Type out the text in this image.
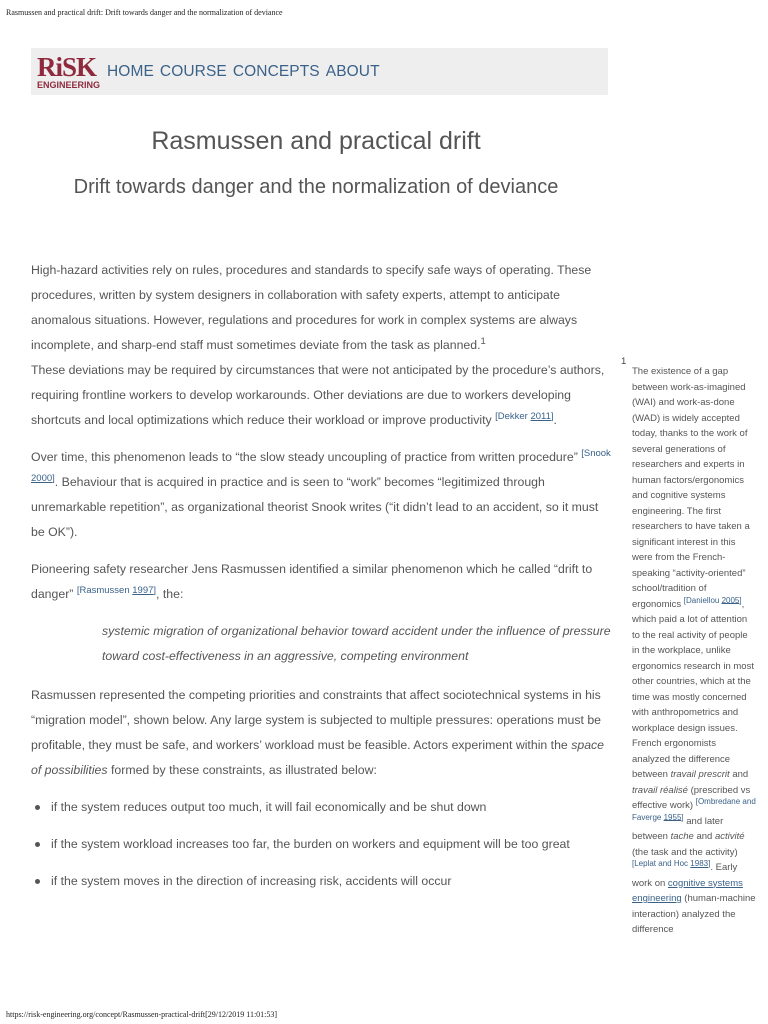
Rasmussen and practical drift: Drift towards danger and the normalization of deviance
RiSK
ENGINEERING
HOME COURSE CONCEPTS ABOUT
Rasmussen and practical drift
Drift towards danger and the normalization of deviance

High-hazard activities rely on rules, procedures and standards to specify safe ways of operating. These procedures, written by system designers in collaboration with safety experts, attempt to anticipate anomalous situations. However, regulations and procedures for work in complex systems are always incomplete, and sharp-end staff must sometimes deviate from the task as planned.$^1$

These deviations may be required by circumstances that were not anticipated by the procedure’s authors, requiring frontline workers to develop workarounds. Other deviations are due to workers developing shortcuts and local optimizations which reduce their workload or improve productivity [Dekker 2011].

Over time, this phenomenon leads to “the slow steady uncoupling of practice from written procedure” [Snook 2000]. Behaviour that is acquired in practice and is seen to “work” becomes “legitimized through unremarkable repetition”, as organizational theorist Snook writes (“it didn’t lead to an accident, so it must be OK”).

Pioneering safety researcher Jens Rasmussen identified a similar phenomenon which he called “drift to danger” [Rasmussen 1997], the:

systemic migration of organizational behavior toward accident under the influence of pressure toward cost-effectiveness in an aggressive, competing environment

Rasmussen represented the competing priorities and constraints that affect sociotechnical systems in his “migration model”, shown below. Any large system is subjected to multiple pressures: operations must be profitable, they must be safe, and workers’ workload must be feasible. Actors experiment within the space of possibilities formed by these constraints, as illustrated below:

if the system reduces output too much, it will fail economically and be shut down
if the system workload increases too far, the burden on workers and equipment will be too great
if the system moves in the direction of increasing risk, accidents will occur
1
The existence of a gap between work-as-imagined (WAI) and work-as-done (WAD) is widely accepted today, thanks to the work of several generations of researchers and experts in human factors/ergonomics and cognitive systems engineering. The first researchers to have taken a significant interest in this were from the French-speaking “activity-oriented” school/tradition of ergonomics [Daniellou 2005], which paid a lot of attention to the real activity of people in the workplace, unlike ergonomics research in most other countries, which at the time was mostly concerned with anthropometrics and workplace design issues. French ergonomists analyzed the difference between travail prescrit and travail réalisé (prescribed vs effective work) [Ombredane and Faverge 1955] and later between tache and activité (the task and the activity) [Leplat and Hoc 1983]. Early work on cognitive systems engineering (human-machine interaction) analyzed the difference
https://risk-engineering.org/concept/Rasmussen-practical-drift[29/12/2019 11:01:53]
